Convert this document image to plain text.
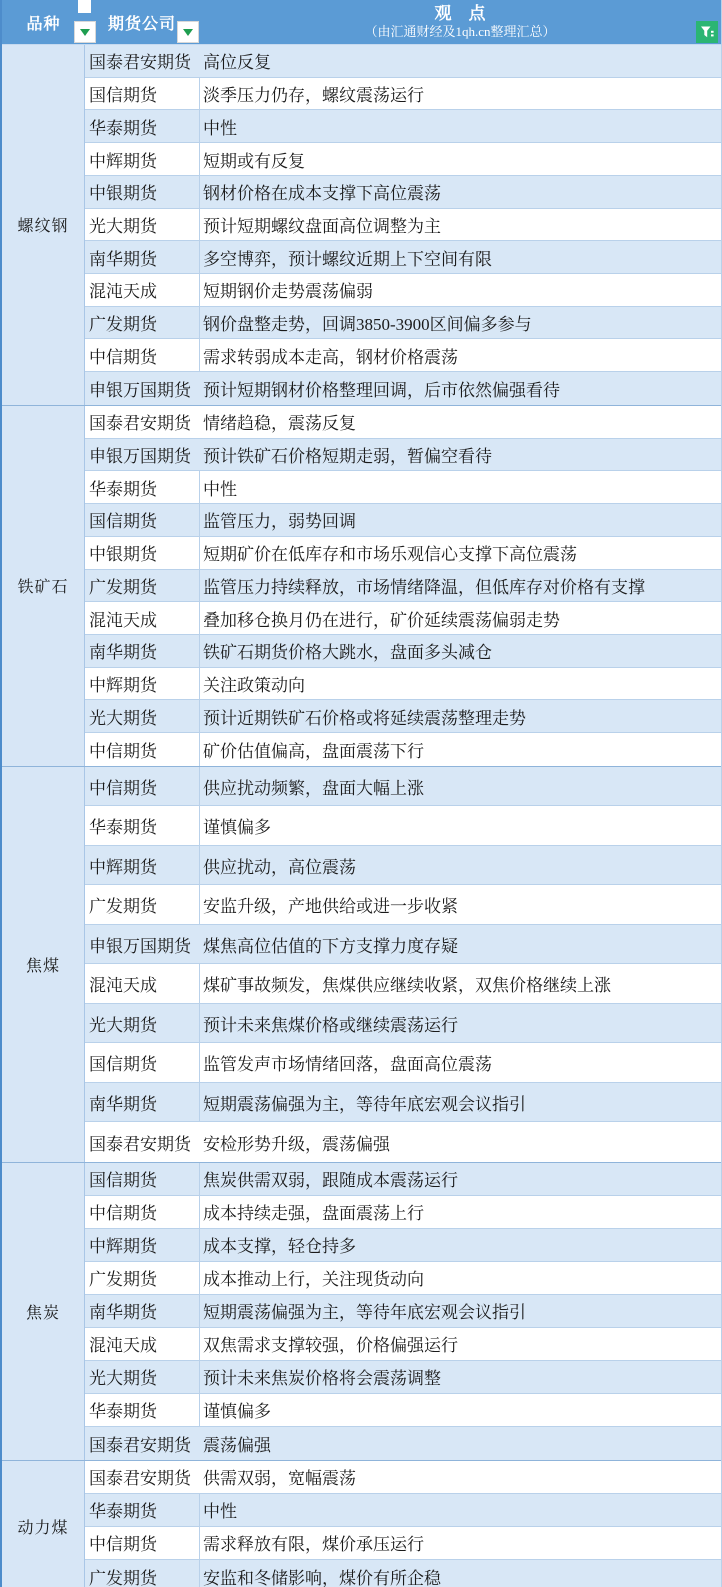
品种	期货公司
观　点
（由汇通财经及1qh.cn整理汇总）
螺纹钢
国泰君安期货 高位反复
国信期货	淡季压力仍存，螺纹震荡运行
华泰期货	中性
中辉期货	短期或有反复
中银期货	钢材价格在成本支撑下高位震荡
光大期货	预计短期螺纹盘面高位调整为主
南华期货	多空博弈，预计螺纹近期上下空间有限
混沌天成	短期钢价走势震荡偏弱
广发期货	钢价盘整走势，回调3850-3900区间偏多参与
中信期货	需求转弱成本走高，钢材价格震荡
申银万国期货 预计短期钢材价格整理回调，后市依然偏强看待
铁矿石
国泰君安期货 情绪趋稳，震荡反复
申银万国期货 预计铁矿石价格短期走弱，暂偏空看待
华泰期货	中性
国信期货	监管压力，弱势回调
中银期货	短期矿价在低库存和市场乐观信心支撑下高位震荡
广发期货	监管压力持续释放，市场情绪降温，但低库存对价格有支撑
混沌天成	叠加移仓换月仍在进行，矿价延续震荡偏弱走势
南华期货	铁矿石期货价格大跳水，盘面多头减仓
中辉期货	关注政策动向
光大期货	预计近期铁矿石价格或将延续震荡整理走势
中信期货	矿价估值偏高，盘面震荡下行
焦煤
中信期货	供应扰动频繁，盘面大幅上涨
华泰期货	谨慎偏多
中辉期货	供应扰动，高位震荡
广发期货	安监升级，产地供给或进一步收紧
申银万国期货 煤焦高位估值的下方支撑力度存疑
混沌天成	煤矿事故频发，焦煤供应继续收紧，双焦价格继续上涨
光大期货	预计未来焦煤价格或继续震荡运行
国信期货	监管发声市场情绪回落，盘面高位震荡
南华期货	短期震荡偏强为主，等待年底宏观会议指引
国泰君安期货 安检形势升级，震荡偏强
焦炭
国信期货	焦炭供需双弱，跟随成本震荡运行
中信期货	成本持续走强，盘面震荡上行
中辉期货	成本支撑，轻仓持多
广发期货	成本推动上行，关注现货动向
南华期货	短期震荡偏强为主，等待年底宏观会议指引
混沌天成	双焦需求支撑较强，价格偏强运行
光大期货	预计未来焦炭价格将会震荡调整
华泰期货	谨慎偏多
国泰君安期货 震荡偏强
动力煤
国泰君安期货 供需双弱，宽幅震荡
华泰期货	中性
中信期货	需求释放有限，煤价承压运行
广发期货	安监和冬储影响，煤价有所企稳
